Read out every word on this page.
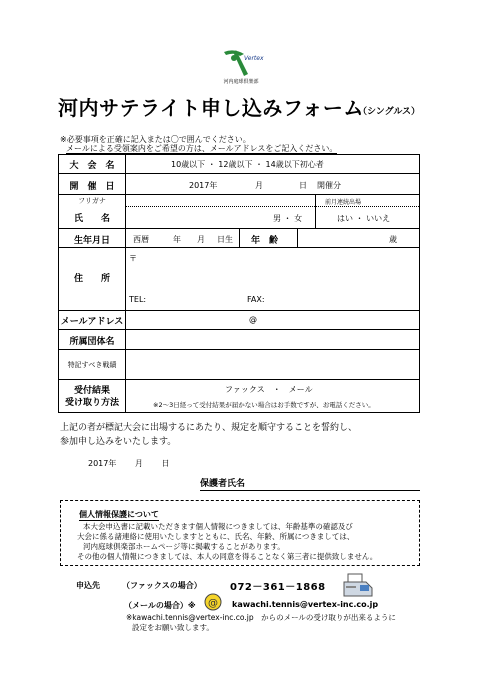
Vertex
河内庭球倶楽部
河内サテライト申し込みフォーム
（シングルス）
※必要事項を正確に記入または〇で囲んでください。
メールによる受領案内をご希望の方は、メールアドレスをご記入ください。
大　会　名	10歳以下 ・ 12歳以下 ・ 14歳以下初心者
開　催　日	2017年	月	日 開催分
フリガナ	前月連続出場
氏　　名	男 ・ 女	はい ・ いいえ
生年月日	西暦	年 月 日生 年　齢	歳
住　　所
〒
TEL:	FAX:
メールアドレス	@
所属団体名
特記すべき戦績
受付結果
受け取り方法
ファックス　・　メール
※2～3日経って受付結果が届かない場合はお手数ですが、お電話ください。
上記の者が標記大会に出場するにあたり、規定を順守することを誓約し、
参加申し込みをいたします。
2017年 月 日
保護者氏名
個人情報保護について
本大会申込書に記載いただきます個人情報につきましては、年齢基準の確認及び
大会に係る諸連絡に使用いたしますとともに、氏名、年齢、所属につきましては、
河内庭球倶楽部ホームページ等に掲載することがあります。
その他の個人情報につきましては、本人の同意を得ることなく第三者に提供致しません。
申込先	（ファックスの場合）	072－361－1868
（メールの場合）※ @ kawachi.tennis@vertex-inc.co.jp
※kawachi.tennis@vertex-inc.co.jp　からのメールの受け取りが出来るように
設定をお願い致します。
